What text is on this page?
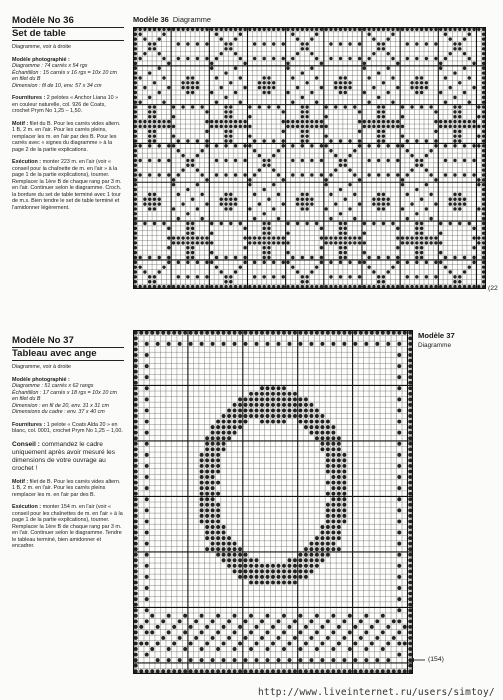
Modèle No 36
Set de table
Diagramme, voir à droite
Modèle photographié :
Diagramme : 74 carrés x 54 rgs
Échantillon : 15 carrés x 16 rgs = 10x 10 cm en filet du B
Dimension : fil de 10, env. 57 x 34 cm
Fournitures : 2 pelotes « Anchor Liana 10 » en couleur naturelle, col. 926 de Coats, crochet Prym No 1,25 – 1,50.
Motif : filet du B. Pour les carrés vides altern. 1 B, 2 m. en l'air. Pour les carrés pleins, remplacer les m. en l'air par des B. Pour les carrés avec « signes du diagramme » à la page 2 de la partie explications.
Exécution : monter 223 m. en l'air (voir « conseil pour la chaînette de m. en l'air » à la page 1 de la partie explications), tourner. Remplacer la 1ère B de chaque rang par 3 m. en l'air. Continuer selon le diagramme. Croch. la bordure du set de table terminé avec 1 tour de m.s. Bien tendre le set de table terminé et l'amidonner légèrement.
Modèle 36 Diagramme
(22
Modèle No 37
Tableau avec ange
Diagramme, voir à droite
Modèle photographié :
Diagramme : 51 carrés x 62 rangs
Échantillon : 17 carrés x 18 rgs = 10x 10 cm en filet du B
Dimension : en fil de 20, env. 31 x 31 cm
Dimensions du cadre : env. 37 x 40 cm
Fournitures : 1 pelote « Coats Alda 20 » en blanc, col. 0001, crochet Prym No 1,25 – 1,00.
Conseil : commandez le cadre uniquement après avoir mesuré les dimensions de votre ouvrage au crochet !
Motif : filet de B. Pour les carrés vides altern. 1 B, 2 m. en l'air. Pour les carrés pleins remplacer les m. en l'air par des B.
Exécution : monter 154 m. en l'air (voir « conseil pour les chaînettes de m. en l'air » à la page 1 de la partie explications), tourner. Remplacer la 1ère B de chaque rang par 3 m. en l'air. Continuer selon le diagramme. Tendre le tableau terminé, bien amidonner et encadrer.
Modèle 37
Diagramme
(154)
http://www.liveinternet.ru/users/simtoy/
